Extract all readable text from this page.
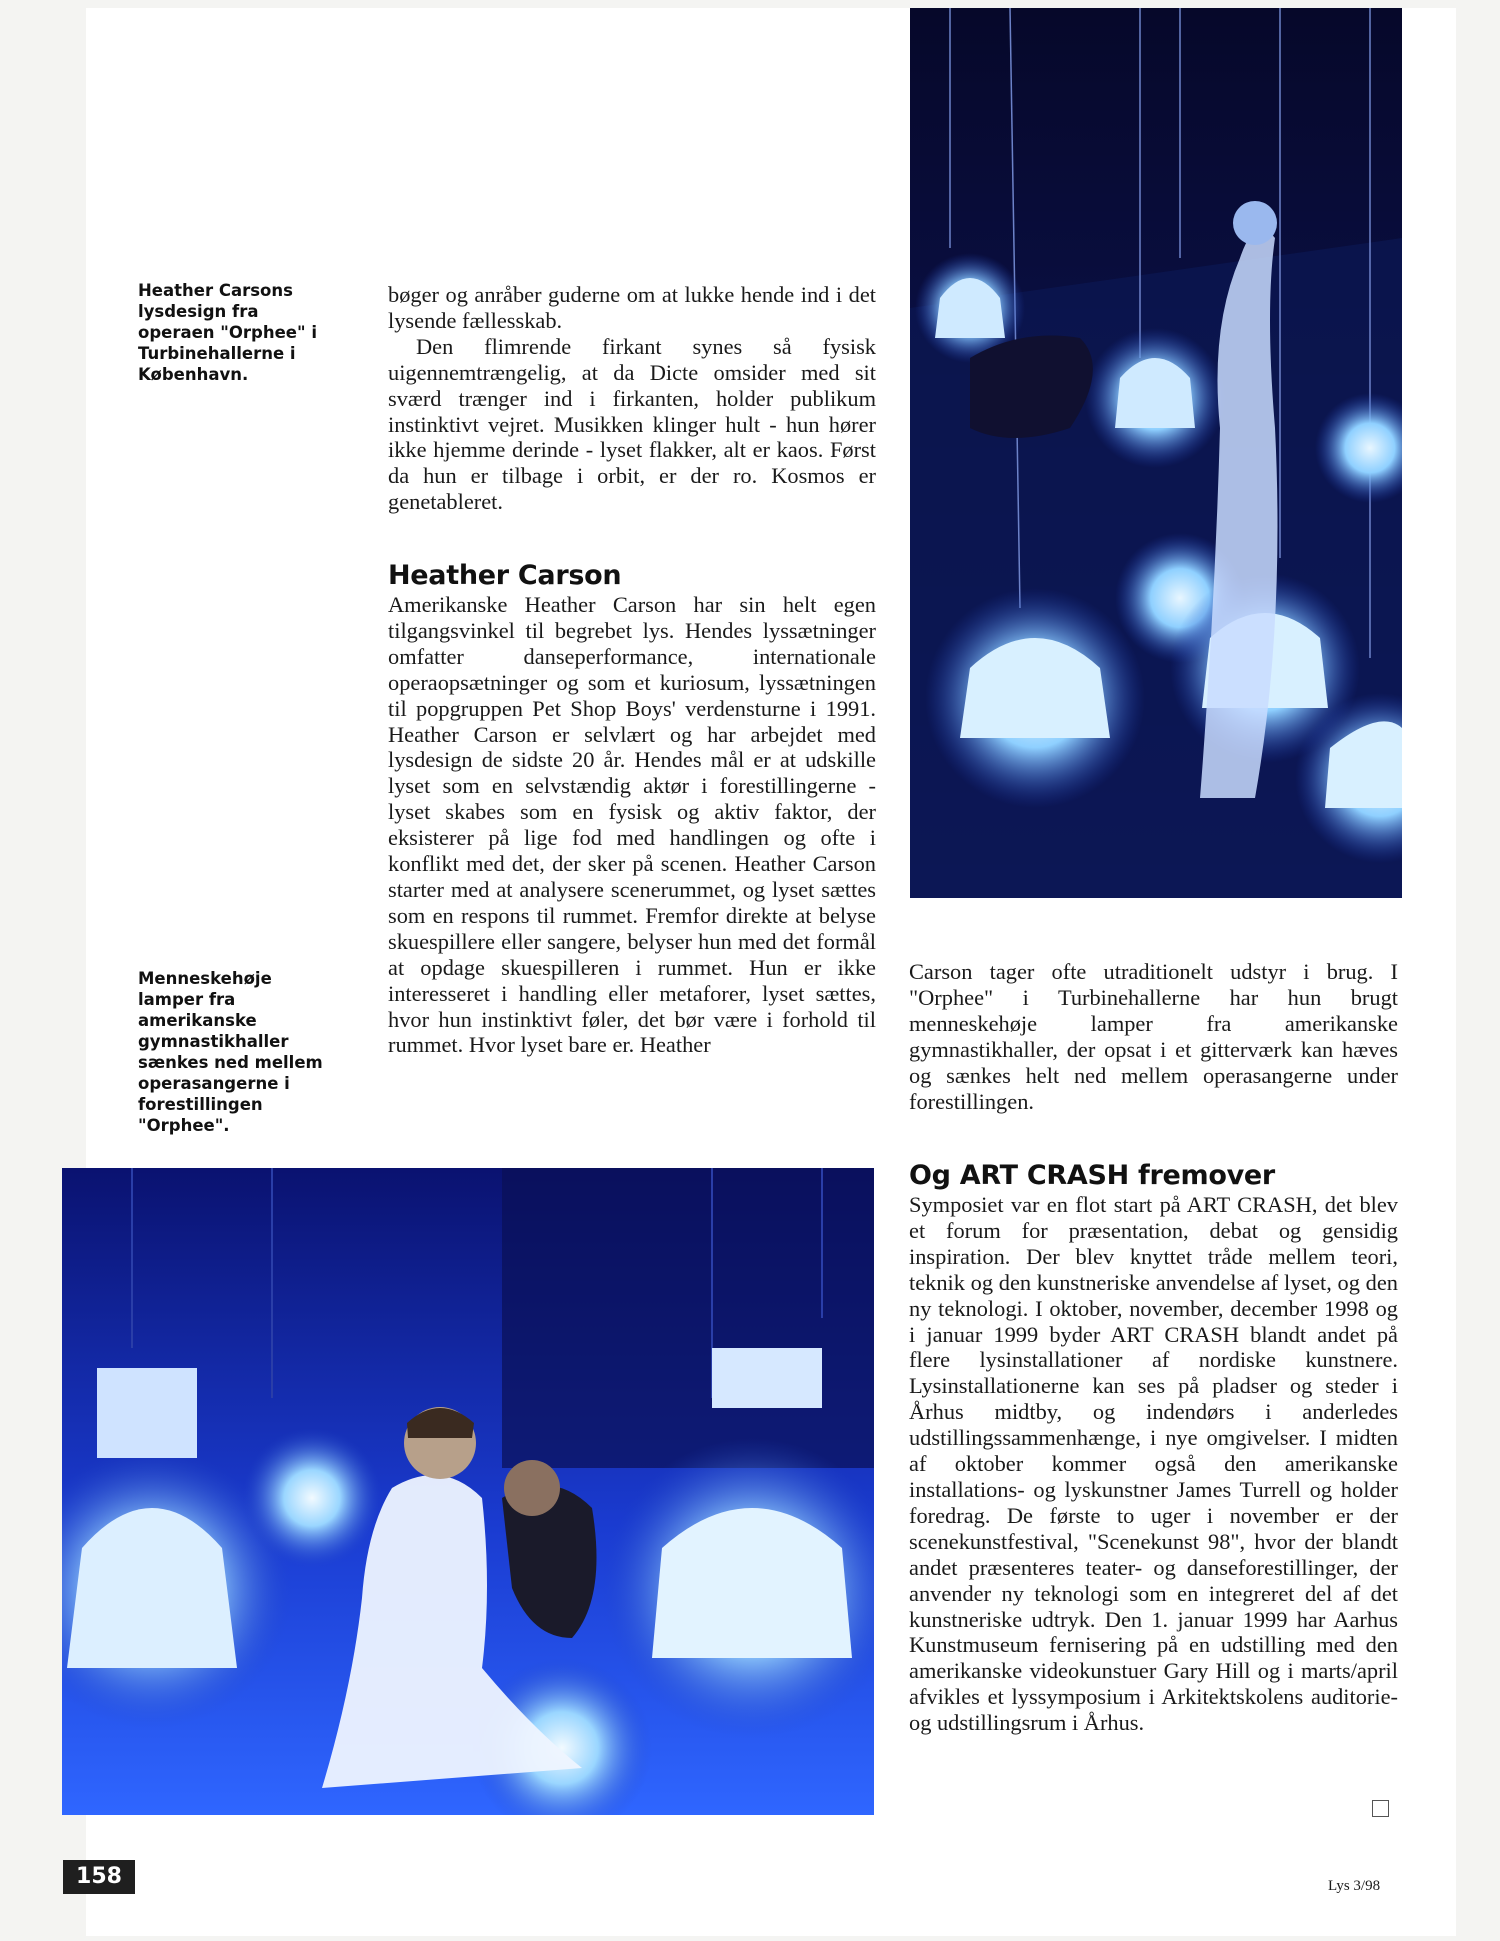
Heather Carsons lysdesign fra operaen "Orphee" i Turbinehallerne i København.
Menneskehøje lamper fra amerikanske gymnastikhaller sænkes ned mellem operasangerne i forestillingen "Orphee".

bøger og anråber guderne om at lukke hende ind i det lysende fællesskab.

Den flimrende firkant synes så fysisk uigennemtrængelig, at da Dicte omsider med sit sværd trænger ind i firkanten, holder publikum instinktivt vejret. Musikken klinger hult - hun hører ikke hjemme derinde - lyset flakker, alt er kaos. Først da hun er tilbage i orbit, er der ro. Kosmos er genetableret.

Heather Carson

Amerikanske Heather Carson har sin helt egen tilgangsvinkel til begrebet lys. Hendes lyssætninger omfatter danseperformance, internationale operaopsætninger og som et kuriosum, lyssætningen til popgruppen Pet Shop Boys' verdensturne i 1991. Heather Carson er selvlært og har arbejdet med lysdesign de sidste 20 år. Hendes mål er at udskille lyset som en selvstændig aktør i forestillingerne - lyset skabes som en fysisk og aktiv faktor, der eksisterer på lige fod med handlingen og ofte i konflikt med det, der sker på scenen. Heather Carson starter med at analysere scenerummet, og lyset sættes som en respons til rummet. Fremfor direkte at belyse skuespillere eller sangere, belyser hun med det formål at opdage skuespilleren i rummet. Hun er ikke interesseret i handling eller metaforer, lyset sættes, hvor hun instinktivt føler, det bør være i forhold til rummet. Hvor lyset bare er. Heather

Carson tager ofte utraditionelt udstyr i brug. I "Orphee" i Turbinehallerne har hun brugt menneskehøje lamper fra amerikanske gymnastikhaller, der opsat i et gitterværk kan hæves og sænkes helt ned mellem operasangerne under forestillingen.

Og ART CRASH fremover

Symposiet var en flot start på ART CRASH, det blev et forum for præsentation, debat og gensidig inspiration. Der blev knyttet tråde mellem teori, teknik og den kunstneriske anvendelse af lyset, og den ny teknologi. I oktober, november, december 1998 og i januar 1999 byder ART CRASH blandt andet på flere lysinstallationer af nordiske kunstnere. Lysinstallationerne kan ses på pladser og steder i Århus midtby, og indendørs i anderledes udstillingssammenhænge, i nye omgivelser. I midten af oktober kommer også den amerikanske installations- og lyskunstner James Turrell og holder foredrag. De første to uger i november er der scenekunstfestival, "Scenekunst 98", hvor der blandt andet præsenteres teater- og danseforestillinger, der anvender ny teknologi som en integreret del af det kunstneriske udtryk. Den 1. januar 1999 har Aarhus Kunstmuseum fernisering på en udstilling med den amerikanske videokunstuer Gary Hill og i marts/april afvikles et lyssymposium i Arkitektskolens auditorie- og udstillingsrum i Århus.

158	Lys 3/98
